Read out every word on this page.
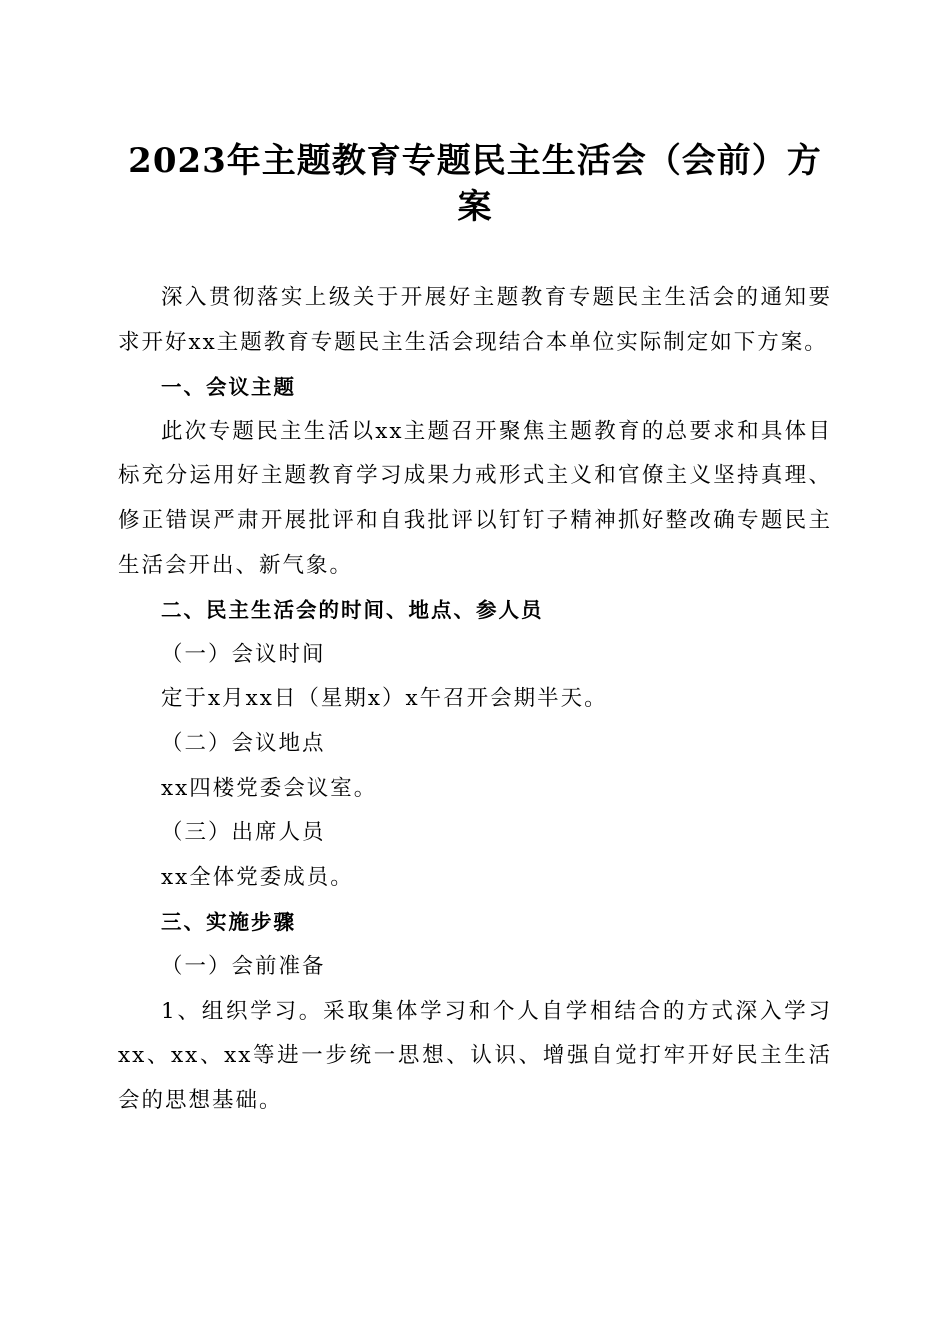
2023年主题教育专题民主生活会（会前）方案

深入贯彻落实上级关于开展好主题教育专题民主生活会的通知要求开好xx主题教育专题民主生活会现结合本单位实际制定如下方案。

一、会议主题

此次专题民主生活以xx主题召开聚焦主题教育的总要求和具体目标充分运用好主题教育学习成果力戒形式主义和官僚主义坚持真理、修正错误严肃开展批评和自我批评以钉钉子精神抓好整改确专题民主生活会开出、新气象。

二、民主生活会的时间、地点、参人员

（一）会议时间

定于x月xx日（星期x）x午召开会期半天。

（二）会议地点

xx四楼党委会议室。

（三）出席人员

xx全体党委成员。

三、实施步骤

（一）会前准备

1、组织学习。采取集体学习和个人自学相结合的方式深入学习xx、xx、xx等进一步统一思想、认识、增强自觉打牢开好民主生活会的思想基础。
